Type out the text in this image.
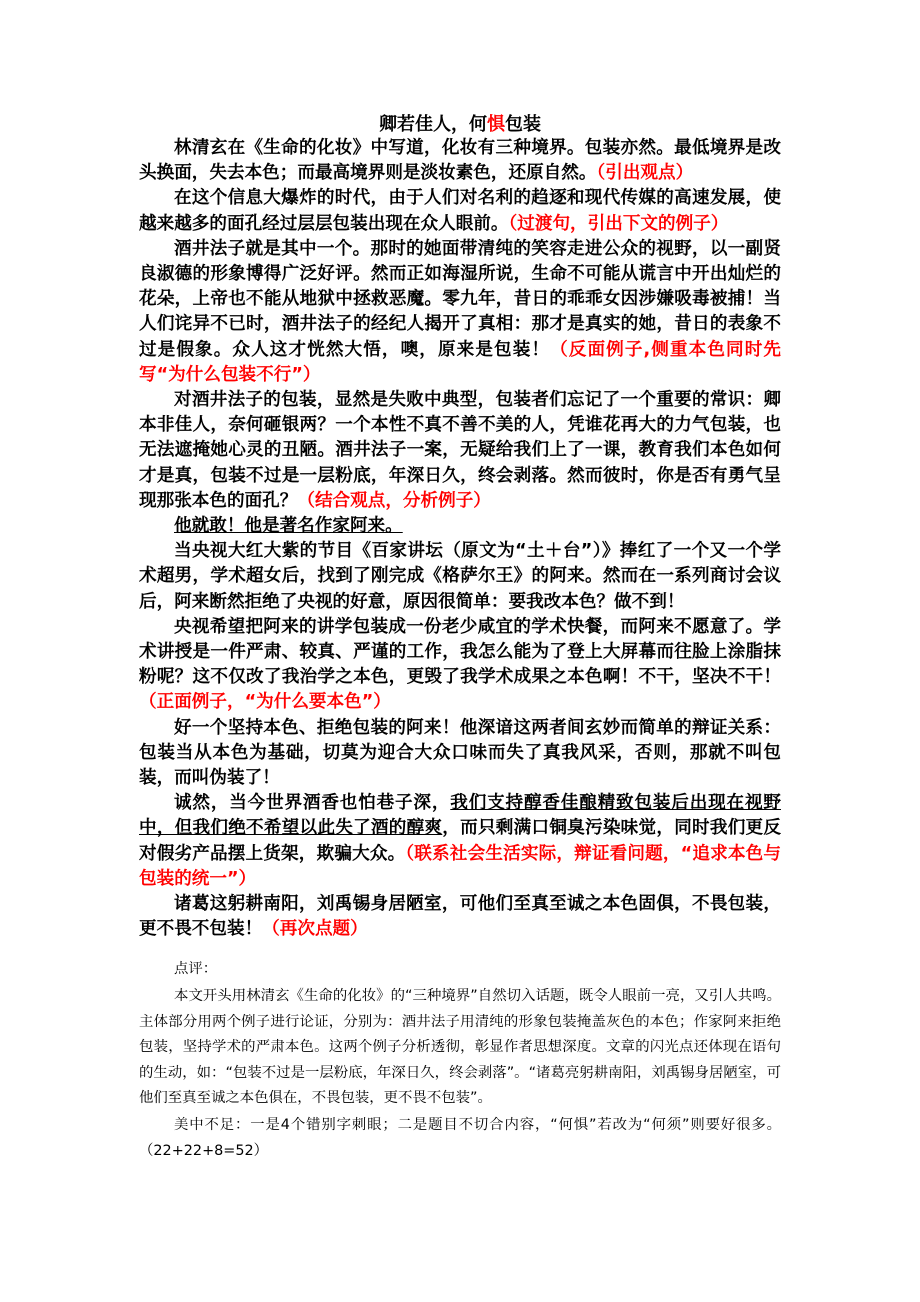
卿若佳人，何惧包装

林清玄在《生命的化妆》中写道，化妆有三种境界。包装亦然。最低境界是改头换面，失去本色；而最高境界则是淡妆素色，还原自然。（引出观点）

在这个信息大爆炸的时代，由于人们对名利的趋逐和现代传媒的高速发展，使越来越多的面孔经过层层包装出现在众人眼前。（过渡句，引出下文的例子）

酒井法子就是其中一个。那时的她面带清纯的笑容走进公众的视野，以一副贤良淑德的形象博得广泛好评。然而正如海湿所说，生命不可能从谎言中开出灿烂的花朵，上帝也不能从地狱中拯救恶魔。零九年，昔日的乖乖女因涉嫌吸毒被捕！当人们诧异不已时，酒井法子的经纪人揭开了真相：那才是真实的她，昔日的表象不过是假象。众人这才恍然大悟，噢，原来是包装！（反面例子,侧重本色同时先写“为什么包装不行”）

对酒井法子的包装，显然是失败中典型，包装者们忘记了一个重要的常识：卿本非佳人，奈何砸银两？一个本性不真不善不美的人，凭谁花再大的力气包装，也无法遮掩她心灵的丑陋。酒井法子一案，无疑给我们上了一课，教育我们本色如何才是真，包装不过是一层粉底，年深日久，终会剥落。然而彼时，你是否有勇气呈现那张本色的面孔？（结合观点，分析例子）

他就敢！他是著名作家阿来。

当央视大红大紫的节目《百家讲坛（原文为“土＋台”）》捧红了一个又一个学术超男，学术超女后，找到了刚完成《格萨尔王》的阿来。然而在一系列商讨会议后，阿来断然拒绝了央视的好意，原因很简单：要我改本色？做不到！

央视希望把阿来的讲学包装成一份老少咸宜的学术快餐，而阿来不愿意了。学术讲授是一件严肃、较真、严谨的工作，我怎么能为了登上大屏幕而往脸上涂脂抹粉呢？这不仅改了我治学之本色，更毁了我学术成果之本色啊！不干，坚决不干！（正面例子，“为什么要本色”）

好一个坚持本色、拒绝包装的阿来！他深谙这两者间玄妙而简单的辩证关系：包装当从本色为基础，切莫为迎合大众口味而失了真我风采，否则，那就不叫包装，而叫伪装了！

诚然，当今世界酒香也怕巷子深，我们支持醇香佳酿精致包装后出现在视野中，但我们绝不希望以此失了酒的醇爽，而只剩满口铜臭污染味觉，同时我们更反对假劣产品摆上货架，欺骗大众。（联系社会生活实际，辩证看问题，“追求本色与包装的统一”）

诸葛这躬耕南阳，刘禹锡身居陋室，可他们至真至诚之本色固俱，不畏包装，更不畏不包装！（再次点题）

点评：

本文开头用林清玄《生命的化妆》的“三种境界”自然切入话题，既令人眼前一亮，又引人共鸣。主体部分用两个例子进行论证，分别为：酒井法子用清纯的形象包装掩盖灰色的本色；作家阿来拒绝包装，坚持学术的严肃本色。这两个例子分析透彻，彰显作者思想深度。文章的闪光点还体现在语句的生动，如：“包装不过是一层粉底，年深日久，终会剥落”。“诸葛亮躬耕南阳，刘禹锡身居陋室，可他们至真至诚之本色俱在，不畏包装，更不畏不包装”。

美中不足：一是4个错别字刺眼；二是题目不切合内容，“何惧”若改为“何须”则要好很多。（22+22+8=52）
